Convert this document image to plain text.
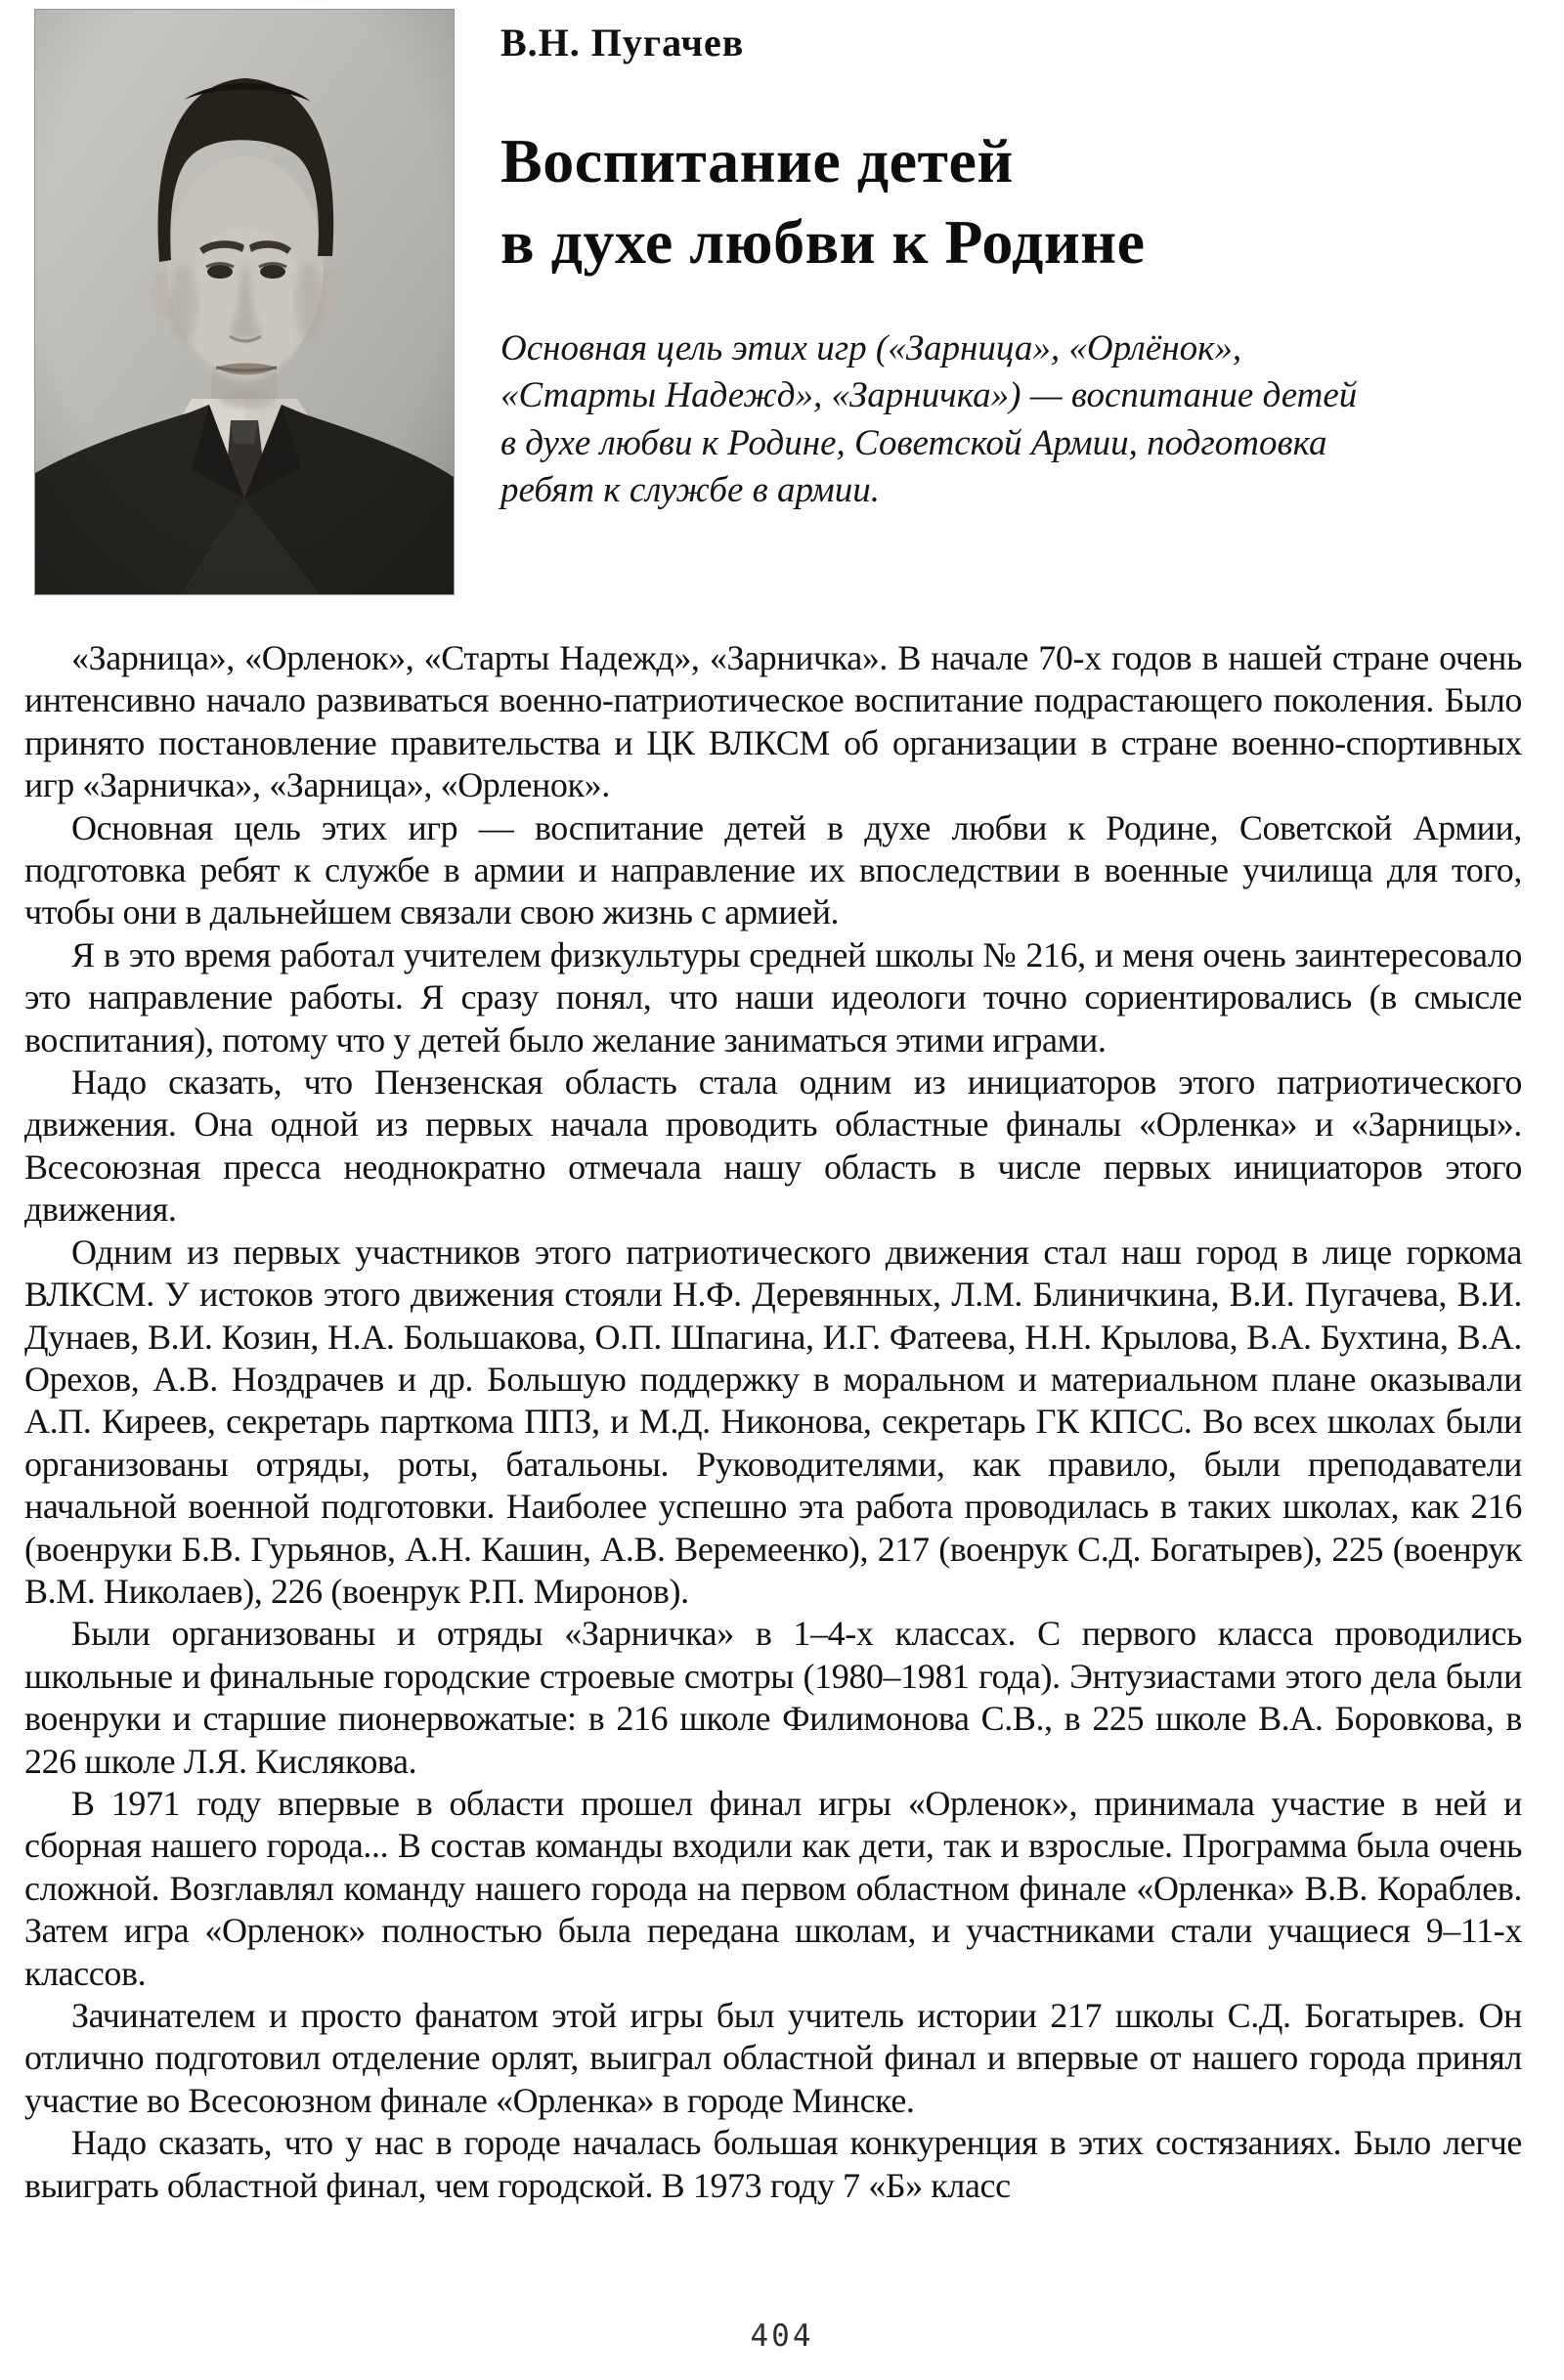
В.Н. Пугачев
Воспитание детей
в духе любви к Родине

Основная цель этих игр («Зарница», «Орлёнок»,
«Старты Надежд», «Зарничка») — воспитание детей
в духе любви к Родине, Советской Армии, подготовка
ребят к службе в армии.

«Зарница», «Орленок», «Старты Надежд», «Зарничка». В начале 70-х годов в нашей стране очень интенсивно начало развиваться военно-патриотическое воспитание подрастающего поколения. Было принято постановление правительства и ЦК ВЛКСМ об организации в стране военно-спортивных игр «Зарничка», «Зарница», «Орленок».

Основная цель этих игр — воспитание детей в духе любви к Родине, Советской Армии, подготовка ребят к службе в армии и направление их впоследствии в военные училища для того, чтобы они в дальнейшем связали свою жизнь с армией.

Я в это время работал учителем физкультуры средней школы № 216, и меня очень заинтересовало это направление работы. Я сразу понял, что наши идеологи точно сориентировались (в смысле воспитания), потому что у детей было желание заниматься этими играми.

Надо сказать, что Пензенская область стала одним из инициаторов этого патриотического движения. Она одной из первых начала проводить областные финалы «Орленка» и «Зарницы». Всесоюзная пресса неоднократно отмечала нашу область в числе первых инициаторов этого движения.

Одним из первых участников этого патриотического движения стал наш город в лице горкома ВЛКСМ. У истоков этого движения стояли Н.Ф. Деревянных, Л.М. Блиничкина, В.И. Пугачева, В.И. Дунаев, В.И. Козин, Н.А. Большакова, О.П. Шпагина, И.Г. Фатеева, Н.Н. Крылова, В.А. Бухтина, В.А. Орехов, А.В. Ноздрачев и др. Большую поддержку в моральном и материальном плане оказывали А.П. Киреев, секретарь парткома ППЗ, и М.Д. Никонова, секретарь ГК КПСС. Во всех школах были организованы отряды, роты, батальоны. Руководителями, как правило, были преподаватели начальной военной подготовки. Наиболее успешно эта работа проводилась в таких школах, как 216 (военруки Б.В. Гурьянов, А.Н. Кашин, А.В. Веремеенко), 217 (военрук С.Д. Богатырев), 225 (военрук В.М. Николаев), 226 (военрук Р.П. Миронов).

Были организованы и отряды «Зарничка» в 1–4-х классах. С первого класса проводились школьные и финальные городские строевые смотры (1980–1981 года). Энтузиастами этого дела были военруки и старшие пионервожатые: в 216 школе Филимонова С.В., в 225 школе В.А. Боровкова, в 226 школе Л.Я. Кислякова.

В 1971 году впервые в области прошел финал игры «Орленок», принимала участие в ней и сборная нашего города... В состав команды входили как дети, так и взрослые. Программа была очень сложной. Возглавлял команду нашего города на первом областном финале «Орленка» В.В. Кораблев. Затем игра «Орленок» полностью была передана школам, и участниками стали учащиеся 9–11-х классов.

Зачинателем и просто фанатом этой игры был учитель истории 217 школы С.Д. Богатырев. Он отлично подготовил отделение орлят, выиграл областной финал и впервые от нашего города принял участие во Всесоюзном финале «Орленка» в городе Минске.

Надо сказать, что у нас в городе началась большая конкуренция в этих состязаниях. Было легче выиграть областной финал, чем городской. В 1973 году 7 «Б» класс

404
